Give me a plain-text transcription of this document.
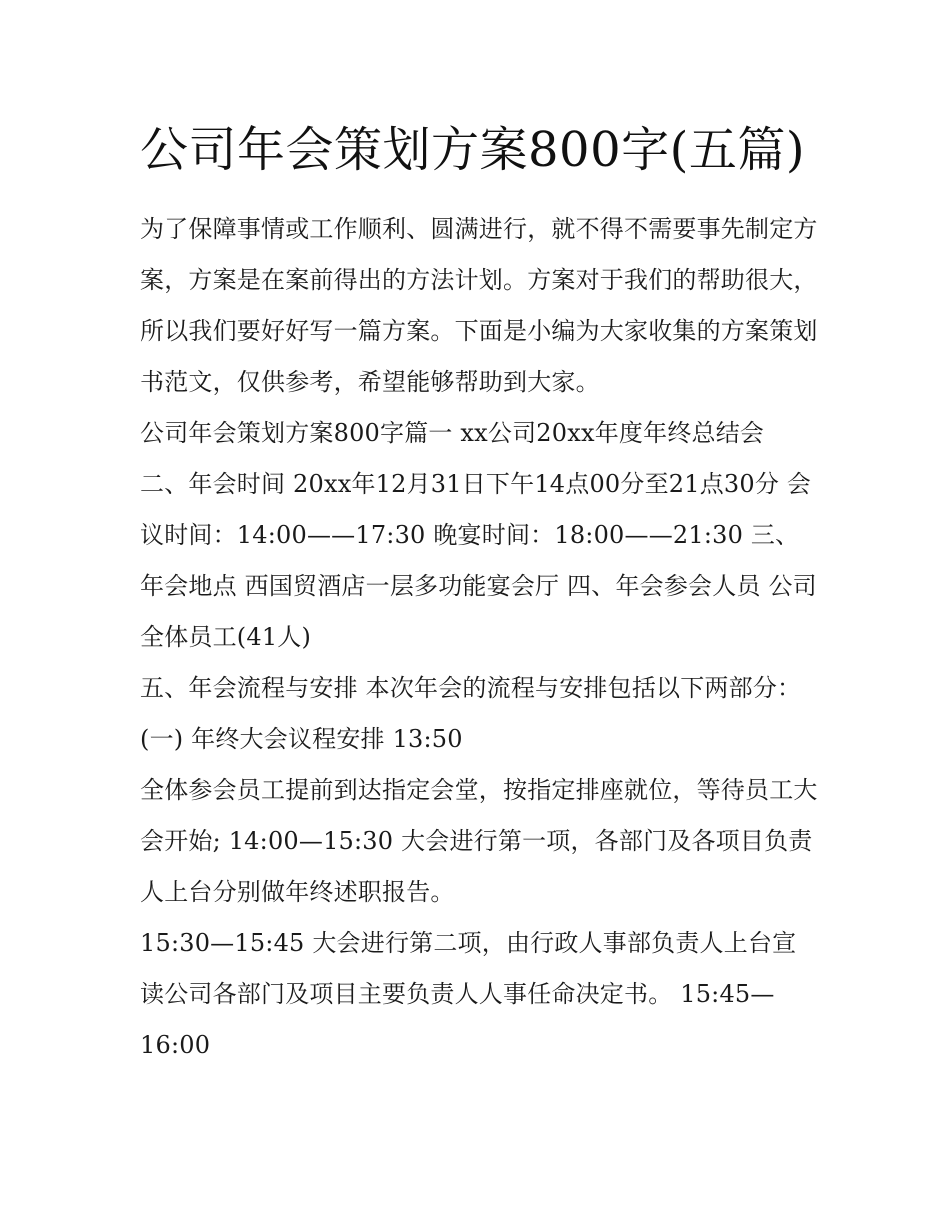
公司年会策划方案800字(五篇)

为了保障事情或工作顺利、圆满进行，就不得不需要事先制定方案，方案是在案前得出的方法计划。方案对于我们的帮助很大，所以我们要好好写一篇方案。下面是小编为大家收集的方案策划书范文，仅供参考，希望能够帮助到大家。

公司年会策划方案800字篇一 xx公司20xx年度年终总结会 二、年会时间 20xx年12月31日下午14点00分至21点30分 会议时间：14:00——17:30 晚宴时间：18:00——21:30 三、年会地点 西国贸酒店一层多功能宴会厅 四、年会参会人员 公司全体员工(41人)

五、年会流程与安排 本次年会的流程与安排包括以下两部分： (一) 年终大会议程安排 13:50

全体参会员工提前到达指定会堂，按指定排座就位，等待员工大会开始; 14:00—15:30 大会进行第一项，各部门及各项目负责人上台分别做年终述职报告。

15:30—15:45 大会进行第二项，由行政人事部负责人上台宣读公司各部门及项目主要负责人人事任命决定书。 15:45—16:00
